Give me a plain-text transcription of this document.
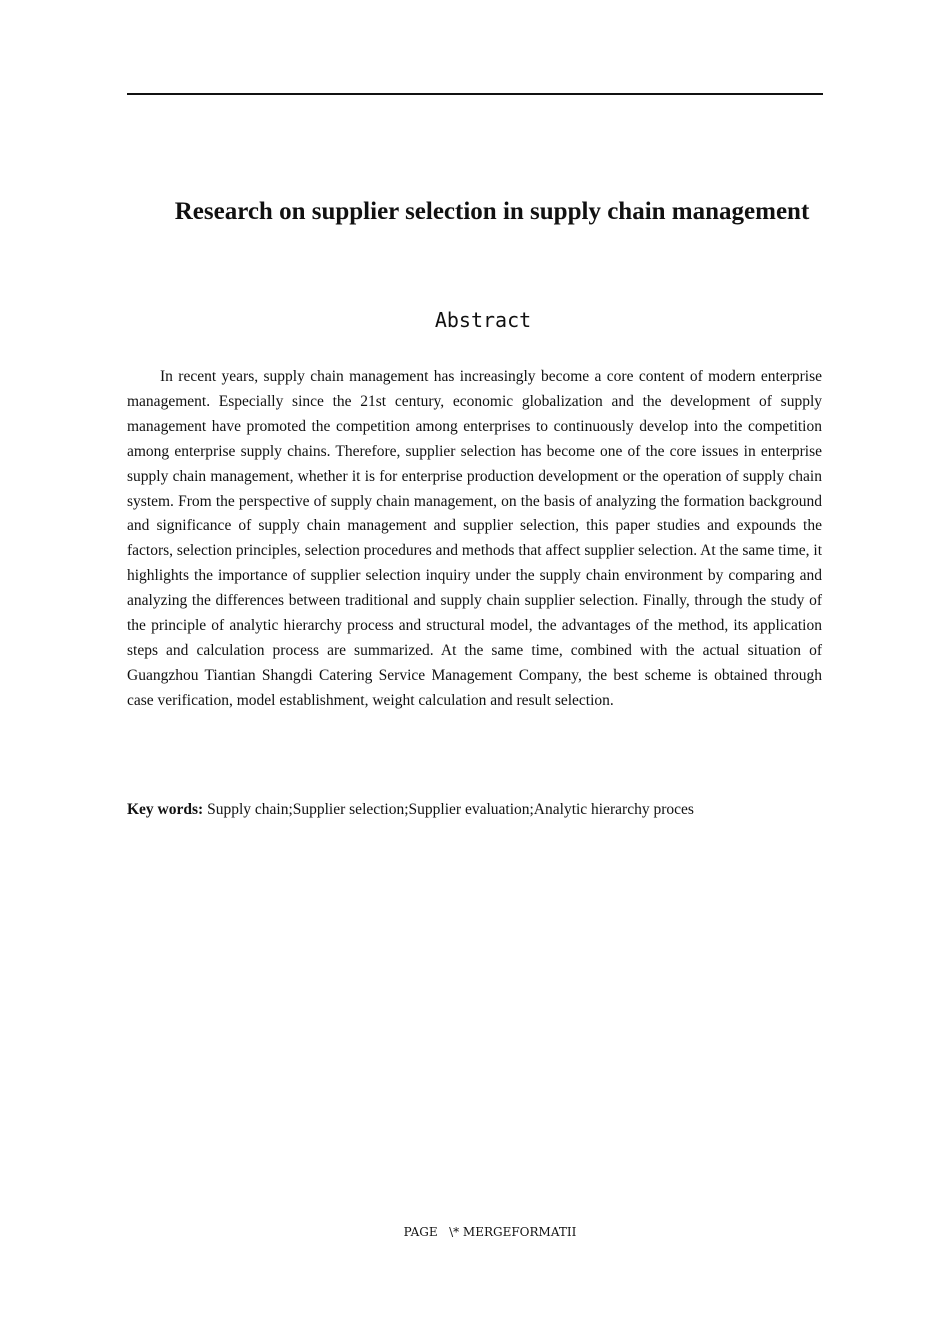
Research on supplier selection in supply chain management
Abstract

In recent years, supply chain management has increasingly become a core content of modern enterprise management. Especially since the 21st century, economic globalization and the development of supply management have promoted the competition among enterprises to continuously develop into the competition among enterprise supply chains. Therefore, supplier selection has become one of the core issues in enterprise supply chain management, whether it is for enterprise production development or the operation of supply chain system. From the perspective of supply chain management, on the basis of analyzing the formation background and significance of supply chain management and supplier selection, this paper studies and expounds the factors, selection principles, selection procedures and methods that affect supplier selection. At the same time, it highlights the importance of supplier selection inquiry under the supply chain environment by comparing and analyzing the differences between traditional and supply chain supplier selection. Finally, through the study of the principle of analytic hierarchy process and structural model, the advantages of the method, its application steps and calculation process are summarized. At the same time, combined with the actual situation of Guangzhou Tiantian Shangdi Catering Service Management Company, the best scheme is obtained through case verification, model establishment, weight calculation and result selection.

Key words: Supply chain;Supplier selection;Supplier evaluation;Analytic hierarchy proces

PAGE   \* MERGEFORMATII
